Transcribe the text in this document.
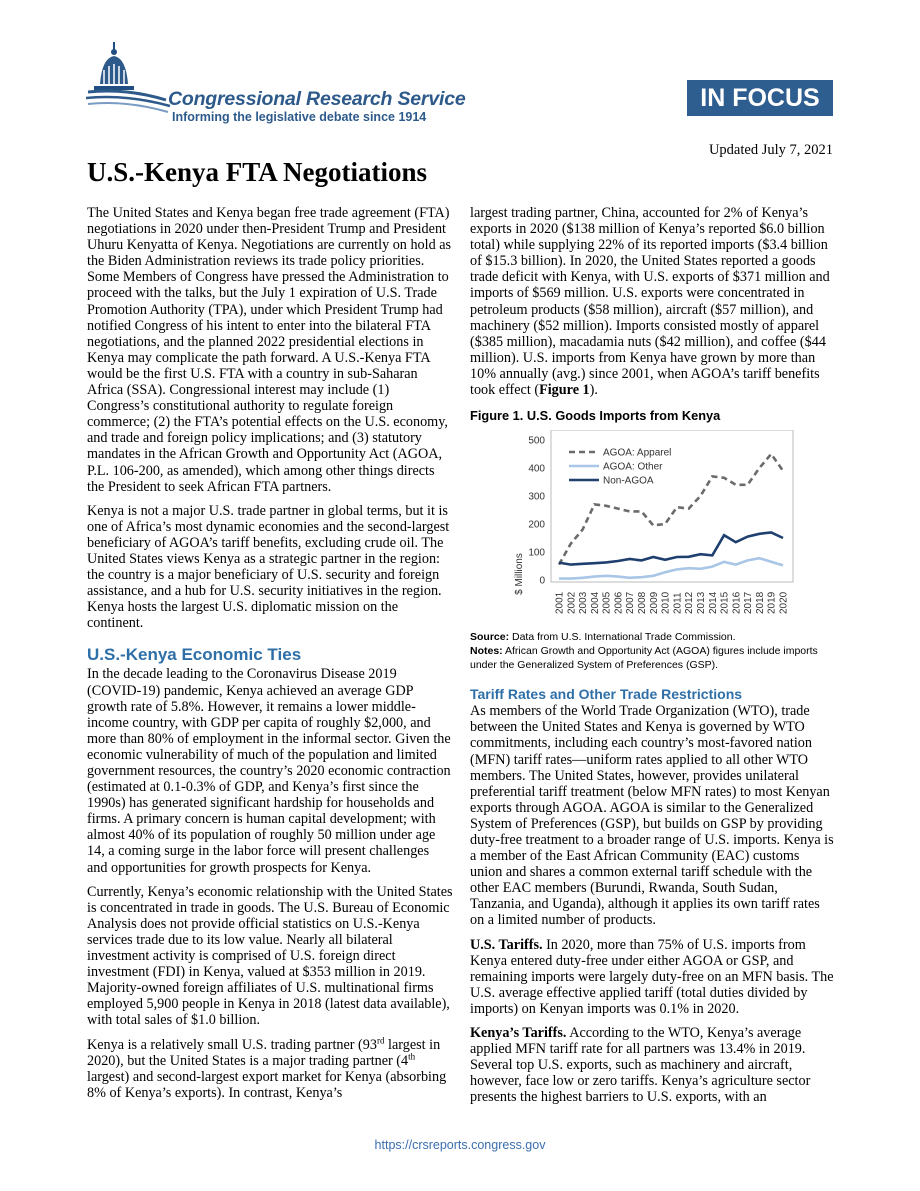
Congressional Research Service
Informing the legislative debate since 1914
IN FOCUS
Updated July 7, 2021
U.S.-Kenya FTA Negotiations

The United States and Kenya began free trade agreement (FTA) negotiations in 2020 under then-President Trump and President Uhuru Kenyatta of Kenya. Negotiations are currently on hold as the Biden Administration reviews its trade policy priorities. Some Members of Congress have pressed the Administration to proceed with the talks, but the July 1 expiration of U.S. Trade Promotion Authority (TPA), under which President Trump had notified Congress of his intent to enter into the bilateral FTA negotiations, and the planned 2022 presidential elections in Kenya may complicate the path forward. A U.S.-Kenya FTA would be the first U.S. FTA with a country in sub-Saharan Africa (SSA). Congressional interest may include (1) Congress’s constitutional authority to regulate foreign commerce; (2) the FTA’s potential effects on the U.S. economy, and trade and foreign policy implications; and (3) statutory mandates in the African Growth and Opportunity Act (AGOA, P.L. 106-200, as amended), which among other things directs the President to seek African FTA partners.

Kenya is not a major U.S. trade partner in global terms, but it is one of Africa’s most dynamic economies and the second-largest beneficiary of AGOA’s tariff benefits, excluding crude oil. The United States views Kenya as a strategic partner in the region: the country is a major beneficiary of U.S. security and foreign assistance, and a hub for U.S. security initiatives in the region. Kenya hosts the largest U.S. diplomatic mission on the continent.

U.S.-Kenya Economic Ties

In the decade leading to the Coronavirus Disease 2019 (COVID-19) pandemic, Kenya achieved an average GDP growth rate of 5.8%. However, it remains a lower middle-income country, with GDP per capita of roughly $2,000, and more than 80% of employment in the informal sector. Given the economic vulnerability of much of the population and limited government resources, the country’s 2020 economic contraction (estimated at 0.1-0.3% of GDP, and Kenya’s first since the 1990s) has generated significant hardship for households and firms. A primary concern is human capital development; with almost 40% of its population of roughly 50 million under age 14, a coming surge in the labor force will present challenges and opportunities for growth prospects for Kenya.

Currently, Kenya’s economic relationship with the United States is concentrated in trade in goods. The U.S. Bureau of Economic Analysis does not provide official statistics on U.S.-Kenya services trade due to its low value. Nearly all bilateral investment activity is comprised of U.S. foreign direct investment (FDI) in Kenya, valued at $353 million in 2019. Majority-owned foreign affiliates of U.S. multinational firms employed 5,900 people in Kenya in 2018 (latest data available), with total sales of $1.0 billion.

Kenya is a relatively small U.S. trading partner (93rd largest in 2020), but the United States is a major trading partner (4th largest) and second-largest export market for Kenya (absorbing 8% of Kenya’s exports). In contrast, Kenya’s

largest trading partner, China, accounted for 2% of Kenya’s exports in 2020 ($138 million of Kenya’s reported $6.0 billion total) while supplying 22% of its reported imports ($3.4 billion of $15.3 billion). In 2020, the United States reported a goods trade deficit with Kenya, with U.S. exports of $371 million and imports of $569 million. U.S. exports were concentrated in petroleum products ($58 million), aircraft ($57 million), and machinery ($52 million). Imports consisted mostly of apparel ($385 million), macadamia nuts ($42 million), and coffee ($44 million). U.S. imports from Kenya have grown by more than 10% annually (avg.) since 2001, when AGOA’s tariff benefits took effect (Figure 1).

Figure 1. U.S. Goods Imports from Kenya
0
100
200
300
400
500
2001 2002 2003 2004 2005 2006 2007 2008 2009 2010 2011 2012 2013 2014 2015 2016 2017 2018 2019 2020
$ Millions
AGOA: Apparel
AGOA: Other
Non-AGOA
Source: Data from U.S. International Trade Commission.
Notes: African Growth and Opportunity Act (AGOA) figures include imports under the Generalized System of Preferences (GSP).
Tariff Rates and Other Trade Restrictions

As members of the World Trade Organization (WTO), trade between the United States and Kenya is governed by WTO commitments, including each country’s most-favored nation (MFN) tariff rates—uniform rates applied to all other WTO members. The United States, however, provides unilateral preferential tariff treatment (below MFN rates) to most Kenyan exports through AGOA. AGOA is similar to the Generalized System of Preferences (GSP), but builds on GSP by providing duty-free treatment to a broader range of U.S. imports. Kenya is a member of the East African Community (EAC) customs union and shares a common external tariff schedule with the other EAC members (Burundi, Rwanda, South Sudan, Tanzania, and Uganda), although it applies its own tariff rates on a limited number of products.

U.S. Tariffs. In 2020, more than 75% of U.S. imports from Kenya entered duty-free under either AGOA or GSP, and remaining imports were largely duty-free on an MFN basis. The U.S. average effective applied tariff (total duties divided by imports) on Kenyan imports was 0.1% in 2020.

Kenya’s Tariffs. According to the WTO, Kenya’s average applied MFN tariff rate for all partners was 13.4% in 2019. Several top U.S. exports, such as machinery and aircraft, however, face low or zero tariffs. Kenya’s agriculture sector presents the highest barriers to U.S. exports, with an

https://crsreports.congress.gov
